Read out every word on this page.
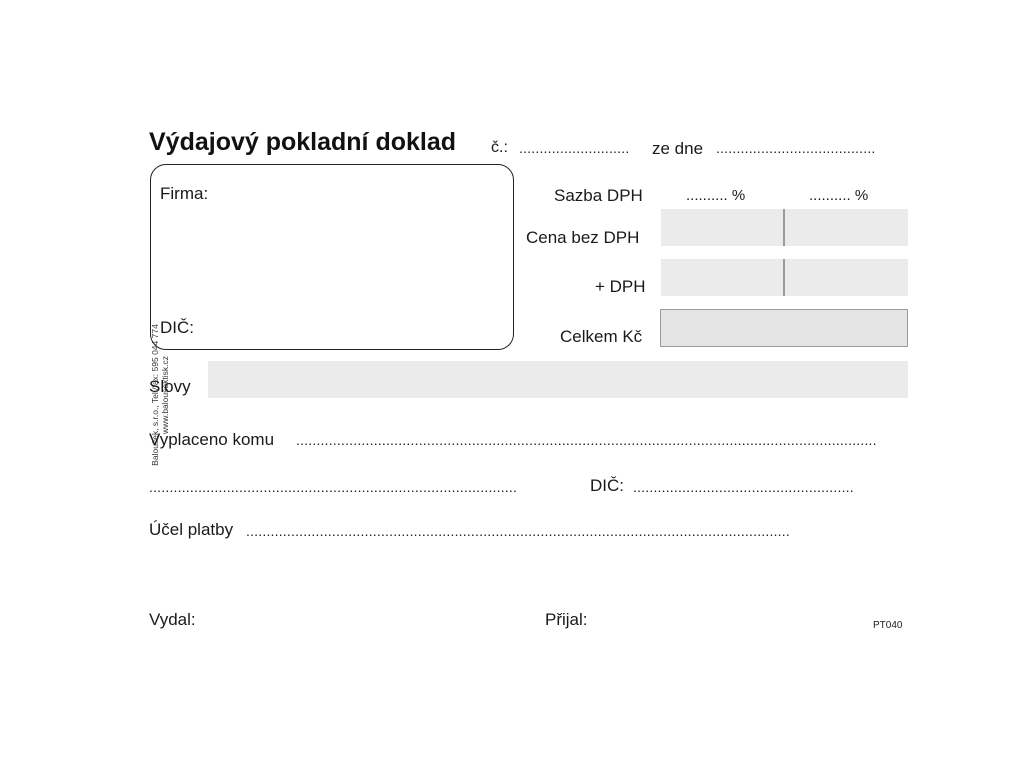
Výdajový pokladní doklad č.: ........................... ze dne .......................................
Firma:
DIČ:
Baloušek, s.r.o., Tel./fax: 595 044 774 www.balousektisk.cz
Sazba DPH	.......... %	.......... %
Cena bez DPH
+ DPH
Celkem Kč
Slovy
Vyplaceno komu ..............................................................................................................................................
..........................................................................................	DIČ: ......................................................
Účel platby .....................................................................................................................................
Vydal:	Přijal:	PT040
